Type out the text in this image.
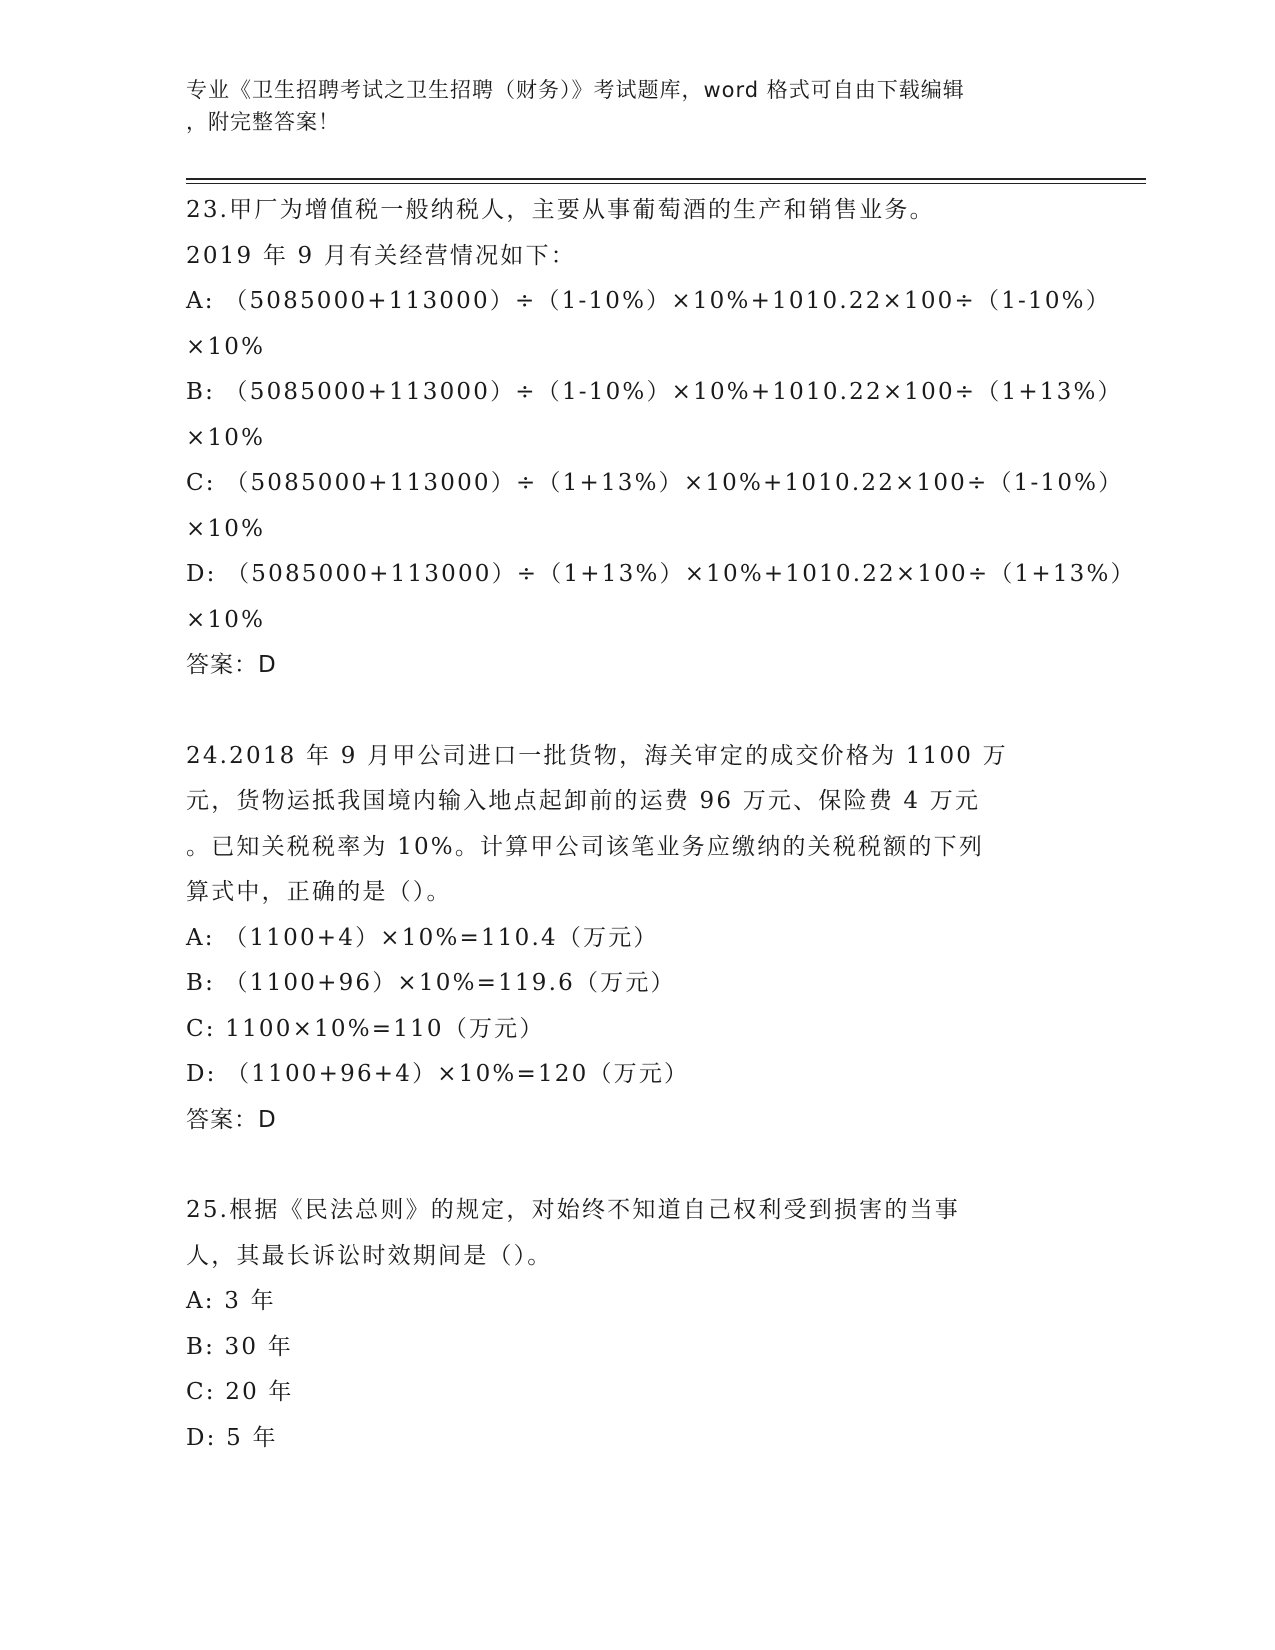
专业《卫生招聘考试之卫生招聘（财务）》考试题库，word 格式可自由下载编辑
，附完整答案！

23.甲厂为增值税一般纳税人，主要从事葡萄酒的生产和销售业务。

2019 年 9 月有关经营情况如下：

A: （5085000+113000）÷（1-10%）×10%+1010.22×100÷（1-10%）

×10%

B: （5085000+113000）÷（1-10%）×10%+1010.22×100÷（1+13%）

×10%

C: （5085000+113000）÷（1+13%）×10%+1010.22×100÷（1-10%）

×10%

D: （5085000+113000）÷（1+13%）×10%+1010.22×100÷（1+13%）

×10%

答案：D

24.2018 年 9 月甲公司进口一批货物，海关审定的成交价格为 1100 万

元，货物运抵我国境内输入地点起卸前的运费 96 万元、保险费 4 万元

。已知关税税率为 10%。计算甲公司该笔业务应缴纳的关税税额的下列

算式中，正确的是（）。

A: （1100+4）×10%=110.4（万元）

B: （1100+96）×10%=119.6（万元）

C: 1100×10%=110（万元）

D: （1100+96+4）×10%=120（万元）

答案：D

25.根据《民法总则》的规定，对始终不知道自己权利受到损害的当事

人，其最长诉讼时效期间是（）。

A: 3 年

B: 30 年

C: 20 年

D: 5 年
